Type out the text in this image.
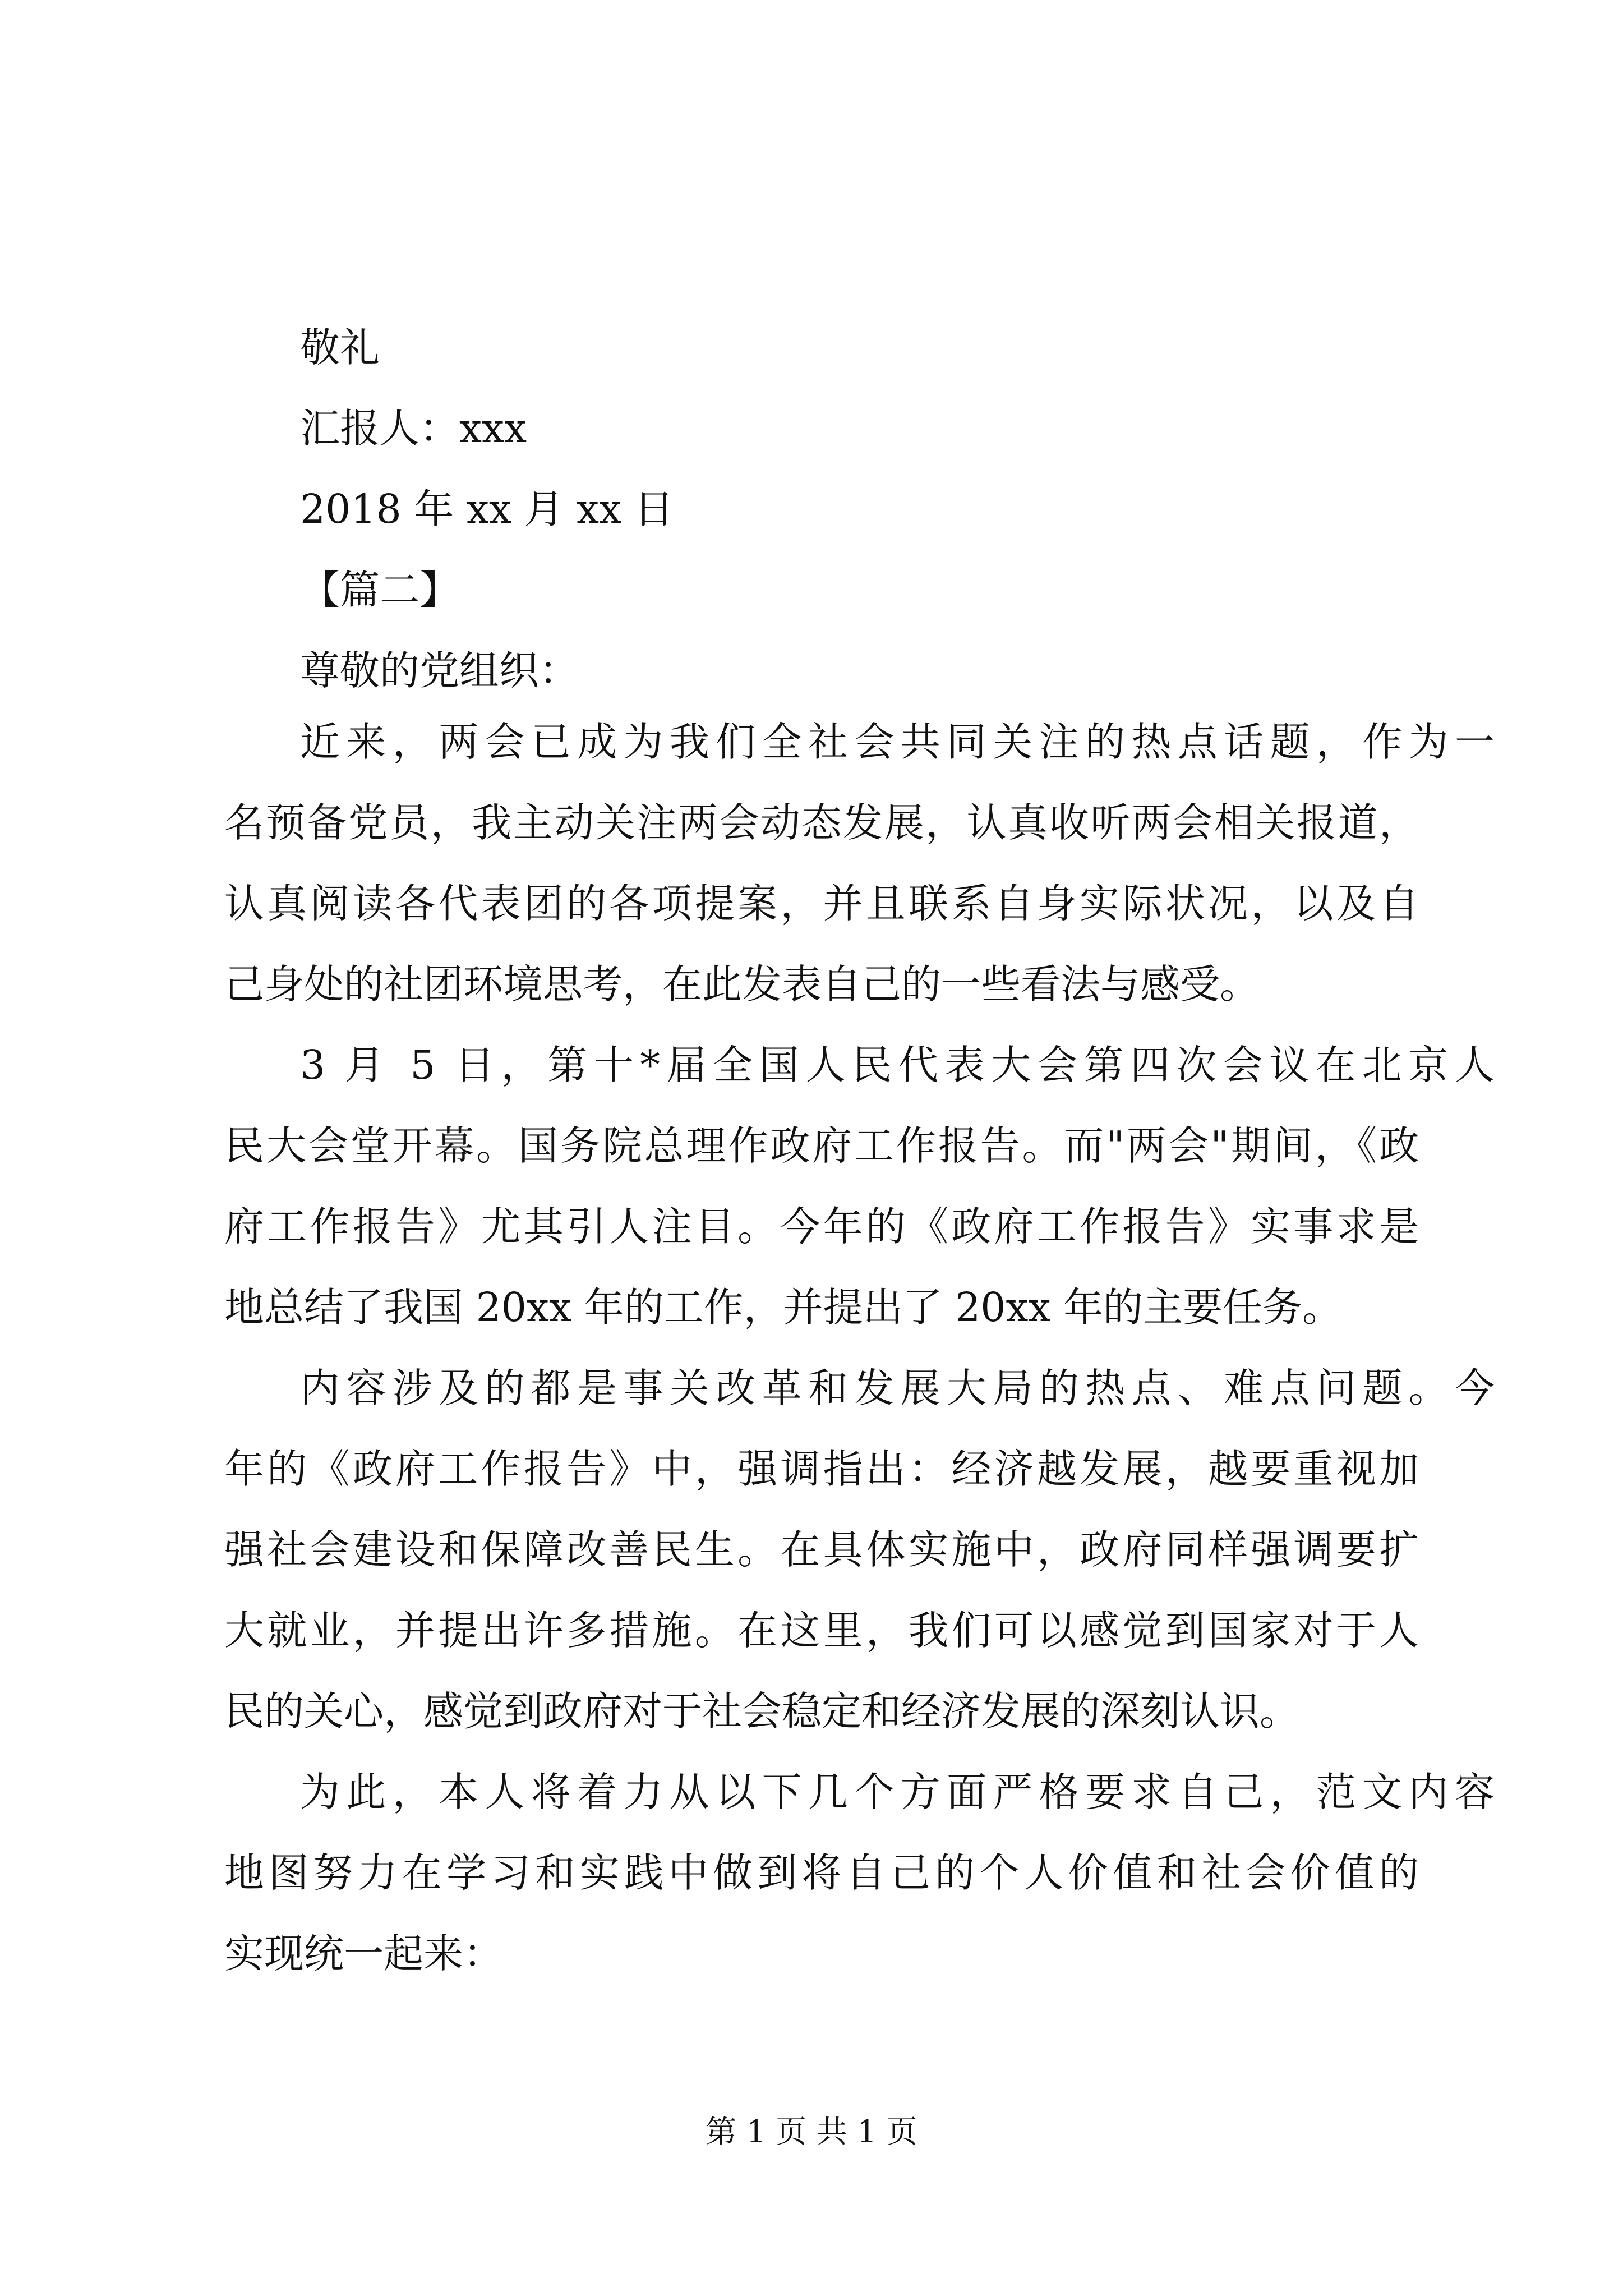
敬礼
汇报人：xxx
2018 年 xx 月 xx 日
【篇二】
尊敬的党组织：
近来，两会已成为我们全社会共同关注的热点话题，作为一
名预备党员，我主动关注两会动态发展，认真收听两会相关报道，
认真阅读各代表团的各项提案，并且联系自身实际状况，以及自
己身处的社团环境思考，在此发表自己的一些看法与感受。
3 月 5 日，第十*届全国人民代表大会第四次会议在北京人
民大会堂开幕。国务院总理作政府工作报告。而"两会"期间，《政
府工作报告》尤其引人注目。今年的《政府工作报告》实事求是
地总结了我国 20xx 年的工作，并提出了 20xx 年的主要任务。
内容涉及的都是事关改革和发展大局的热点、难点问题。今
年的《政府工作报告》中，强调指出：经济越发展，越要重视加
强社会建设和保障改善民生。在具体实施中，政府同样强调要扩
大就业，并提出许多措施。在这里，我们可以感觉到国家对于人
民的关心，感觉到政府对于社会稳定和经济发展的深刻认识。
为此，本人将着力从以下几个方面严格要求自己，范文内容
地图努力在学习和实践中做到将自己的个人价值和社会价值的
实现统一起来：
第 1 页 共 1 页
